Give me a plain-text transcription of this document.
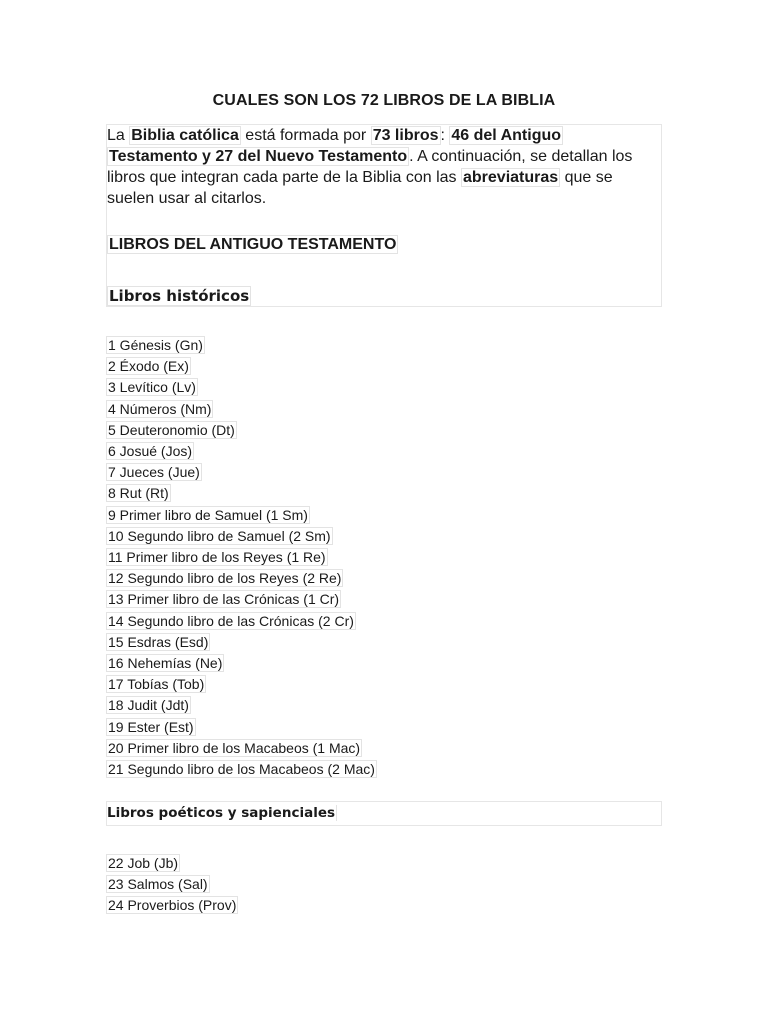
CUALES SON LOS 72 LIBROS DE LA BIBLIA
La Biblia católica está formada por 73 libros : 46 del Antiguo
Testamento y 27 del Nuevo Testamento . A continuación, se detallan los libros que integran cada parte de la Biblia con las abreviaturas que se suelen usar al citarlos.
LIBROS DEL ANTIGUO TESTAMENTO
Libros históricos
1 Génesis (Gn)
2 Éxodo (Ex)
3 Levítico (Lv)
4 Números (Nm)
5 Deuteronomio (Dt)
6 Josué (Jos)
7 Jueces (Jue)
8 Rut (Rt)
9 Primer libro de Samuel (1 Sm)
10 Segundo libro de Samuel (2 Sm)
11 Primer libro de los Reyes (1 Re)
12 Segundo libro de los Reyes (2 Re)
13 Primer libro de las Crónicas (1 Cr)
14 Segundo libro de las Crónicas (2 Cr)
15 Esdras (Esd)
16 Nehemías (Ne)
17 Tobías (Tob)
18 Judit (Jdt)
19 Ester (Est)
20 Primer libro de los Macabeos (1 Mac)
21 Segundo libro de los Macabeos (2 Mac)
Libros poéticos y sapienciales
22 Job (Jb)
23 Salmos (Sal)
24 Proverbios (Prov)
